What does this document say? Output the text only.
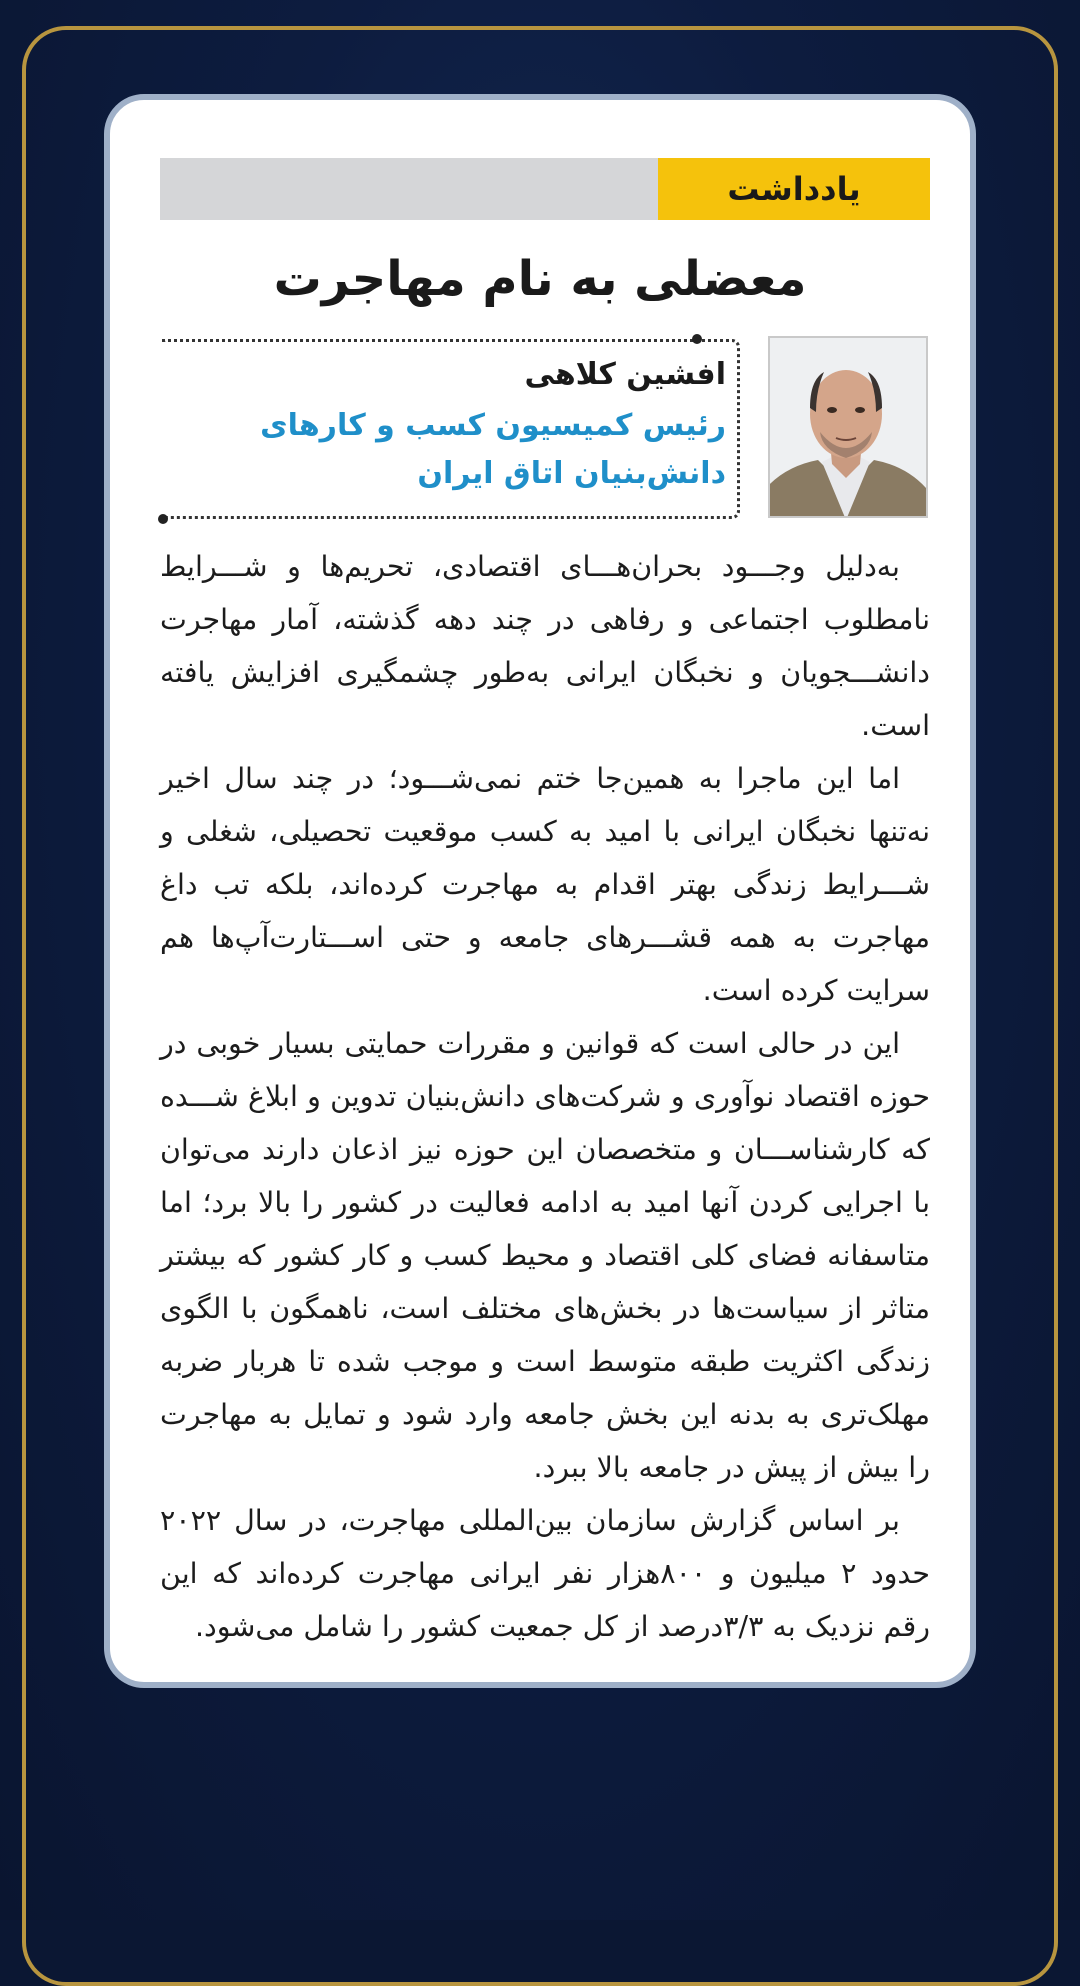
یادداشت
معضلی به نام مهاجرت
افشین کلاهی
رئیس کمیسیون کسب و کارهای
دانش‌بنیان اتاق ایران

به‌دلیل وجـــود بحران‌هـــای اقتصادی، تحریم‌ها و شـــرایط نامطلوب اجتماعی و رفاهی در چند دهه گذشته، آمار مهاجرت دانشـــجویان و نخبگان ایرانی به‌طور چشمگیری افزایش یافته است.

اما این ماجرا به همین‌جا ختم نمی‌شـــود؛ در چند سال اخیر نه‌تنها نخبگان ایرانی با امید به کسب موقعیت تحصیلی، شغلی و شـــرایط زندگی بهتر اقدام به مهاجرت کرده‌اند، بلکه تب داغ مهاجرت به همه قشـــرهای جامعه و حتی اســـتارت‌آپ‌ها هم سرایت کرده است.

این در حالی است که قوانین و مقررات حمایتی بسیار خوبی در حوزه اقتصاد نوآوری و شرکت‌های دانش‌بنیان تدوین و ابلاغ شـــده که کارشناســـان و متخصصان این حوزه نیز اذعان دارند می‌توان با اجرایی کردن آنها امید به ادامه فعالیت در کشور را بالا برد؛ اما متاسفانه فضای کلی اقتصاد و محیط کسب و کار کشور که بیشتر متاثر از سیاست‌ها در بخش‌های مختلف است، ناهمگون با الگوی زندگی اکثریت طبقه متوسط است و موجب شده تا هربار ضربه مهلک‌تری به بدنه این بخش جامعه وارد شود و تمایل به مهاجرت را بیش از پیش در جامعه بالا ببرد.

بر اساس گزارش سازمان بین‌المللی مهاجرت، در سال ۲۰۲۲ حدود ۲ میلیون و ۸۰۰هزار نفر ایرانی مهاجرت کرده‌اند که این رقم نزدیک به ۳/۳درصد از کل جمعیت کشور را شامل می‌شود.
